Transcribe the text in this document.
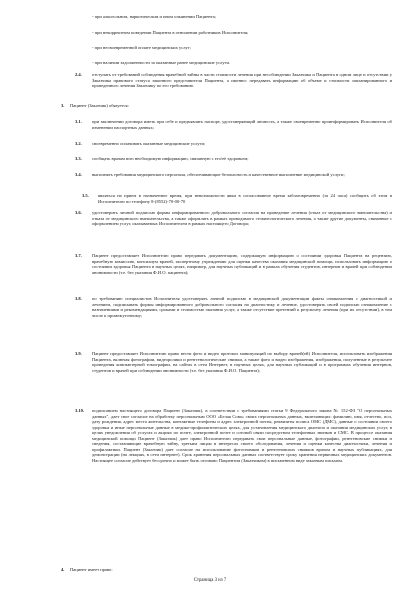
- при алкогольном, наркотическом и ином опьянении Пациента;

- при некорректном поведении Пациента в отношении работников Исполнителя;

- при несвоевременной оплате медицинских услуг;

- при наличии задолженности за оказанные ранее медицинские услуги.

2.4. отступать от требований соблюдения врачебной тайны в части стоимости лечения при несоблюдении Заказчика и Пациента в одном лице и отсутствии у Заказчика правового статуса законного представителя Пациента, а именно: передавать информацию об объеме и стоимости запланированного и проведенного лечения Заказчику по его требованию.

3. Пациент (Заказчик) обязуется:

3.1. при заключении договора иметь при себе и предъявлять паспорт, удостоверяющий личность, а также своевременно проинформировать Исполнителя об изменении паспортных данных;

3.2. своевременно оплачивать оказанные медицинские услуги;

3.3. сообщать врачам всю необходимую информацию, связанную с его/её здоровьем;

3.4. выполнять требования медицинского персонала, обеспечивающие безопасность и качественное выполнение медицинской услуги;

3.5. являться на прием в назначенное время, при невозможности явки в согласованное время заблаговременно (за 24 часа) сообщить об этом в Исполнителю по телефону 8-(8552)-70-00-70

3.6. удостоверить личной подписью формы информированного добровольного согласия на проведение лечения (отказ от медицинского вмешательства) и отказа от медицинского вмешательства, а также оформлять в рамках проводимого стоматологического лечения, а также другие документы, связанные с оформлением услуг, оказываемых Исполнителем в рамках настоящего Договора;

3.7. Пациент предоставляет Исполнителю право передавать документацию, содержащую информацию о состоянии здоровья Пациента на рецензию, врачебную комиссию, консилиум врачей, экспертному учреждению для оценки качества оказания медицинской помощи, использовать информацию о состоянии здоровья Пациента в научных целях, например, для научных публикаций и в рамках обучения студентов, интернов и врачей при соблюдении анонимности (т.е. без указания Ф.И.О. пациента);

3.8. по требованию специалистов Исполнителя удостоверять личной подписью в медицинской документации факты ознакомления с диагностикой и лечением, подписывать формы информированного добровольного согласия на диагностику и лечение, удостоверять своей подписью ознакомление с назначениями и рекомендациями, сроками и стоимостью оказания услуг, а также отсутствие претензий к результату лечения (при их отсутствии), в том числе к промежуточному;

3.9. Пациент предоставляет Исполнителю право вести фото и видео протокол манипуляций по выбору врачей(ей) Исполнителя, использовать изображения Пациента, включая фотографии, видеоролики и рентгенологические снимки, а также фото и видео изображения, изображения, полученные в результате проведения компьютерной томографии, на сайтах в сети Интернет, в научных целях, для научных публикаций и в программах обучения интернов, студентов и врачей при соблюдении анонимности (т.е. без указания Ф.И.О. Пациента);

3.10. подписанием настоящего договора Пациент (Заказчик), в соответствии с требованиями статьи 9 Федерального закона № 152-ФЗ "О персональных данных", дает свое согласие на обработку персональным ООО «Белая Сова» своих персональных данных, включающих: фамилию, имя, отчество, пол, дату рождения, адрес места жительства, контактные телефоны и адрес электронной почты, реквизиты полиса ОМС (ДМС), данные о состоянии своего здоровья и иные персональные данные в медико-профилактических целях, для установления медицинского диагноза и оказания медицинских услуг, в целях уведомления об услугах и акциях по почте, электронной почте и сотовой связи посредством телефонных звонков и СМС. В процессе оказания медицинской помощи Пациент (Заказчик) дает право Исполнителю передавать свои персональные данные, фотографии, рентгеновские снимки и сведения, составляющие врачебную тайну, третьим лицам в интересах своего обследования, лечения и оценки качества диагностики, лечения и профилактики. Пациент (Заказчик) дает согласие на использование фотоснимков и рентгеновских снимков врачом и научных публикациях, для демонстрации (на лекциях, в сети интернет). Срок хранения персональных данных соответствует сроку хранения первичных медицинских документов. Настоящее согласие действует бессрочно и может быть отозвано Пациентом (Заказчиком) в письменном виде заказным письмом.

4. Пациент имеет право:

Страница 3 из 7
